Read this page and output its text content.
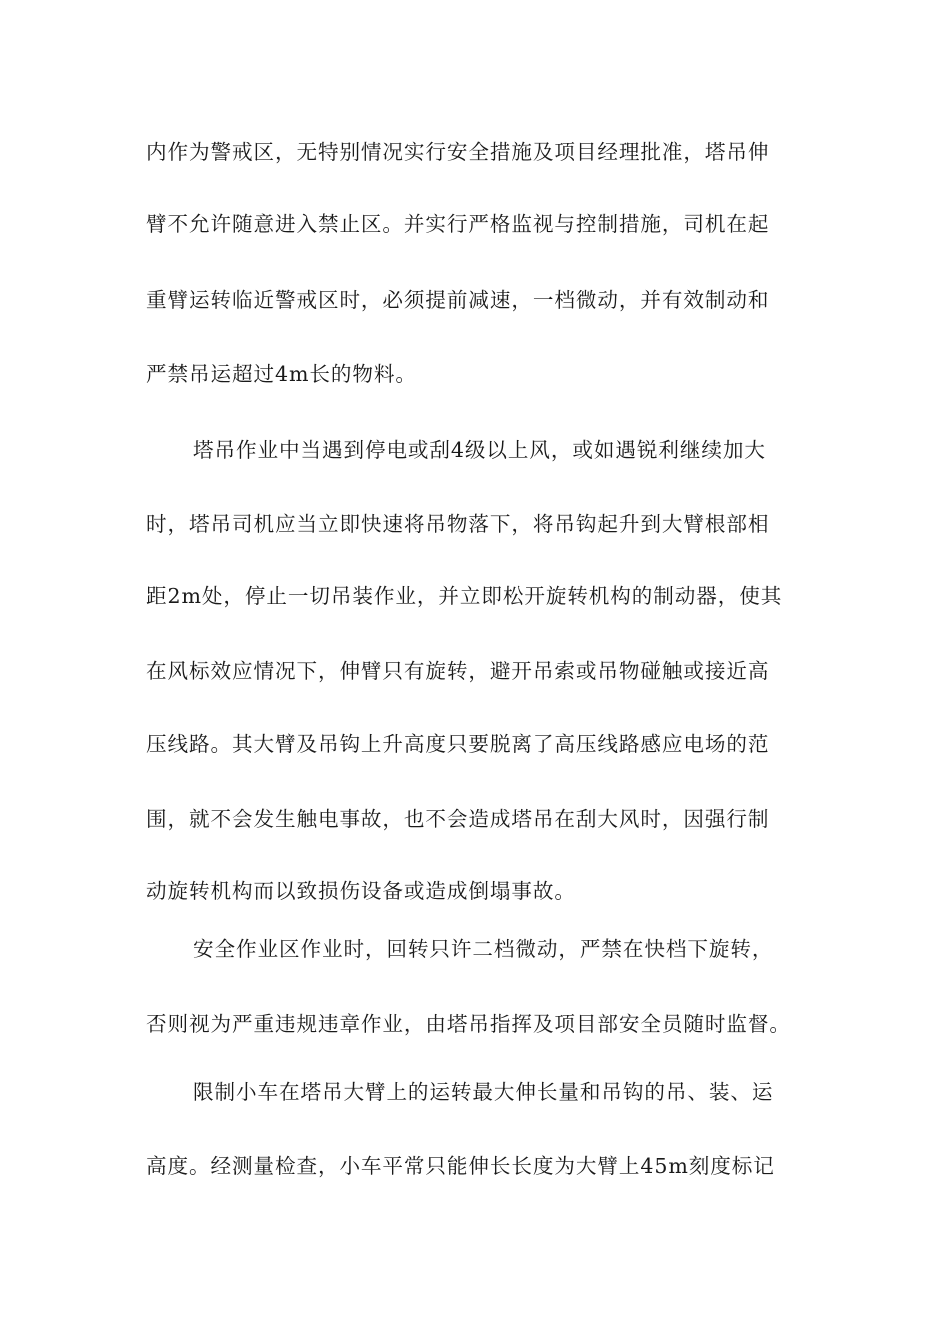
内作为警戒区，无特别情况实行安全措施及项目经理批准，塔吊伸
臂不允许随意进入禁止区。并实行严格监视与控制措施，司机在起
重臂运转临近警戒区时，必须提前减速，一档微动，并有效制动和
严禁吊运超过4m长的物料。
塔吊作业中当遇到停电或刮4级以上风，或如遇锐利继续加大
时，塔吊司机应当立即快速将吊物落下，将吊钩起升到大臂根部相
距2m处，停止一切吊装作业，并立即松开旋转机构的制动器，使其
在风标效应情况下，伸臂只有旋转，避开吊索或吊物碰触或接近高
压线路。其大臂及吊钩上升高度只要脱离了高压线路感应电场的范
围，就不会发生触电事故，也不会造成塔吊在刮大风时，因强行制
动旋转机构而以致损伤设备或造成倒塌事故。
安全作业区作业时，回转只许二档微动，严禁在快档下旋转，
否则视为严重违规违章作业，由塔吊指挥及项目部安全员随时监督。
限制小车在塔吊大臂上的运转最大伸长量和吊钩的吊、装、运
高度。经测量检查，小车平常只能伸长长度为大臂上45m刻度标记
